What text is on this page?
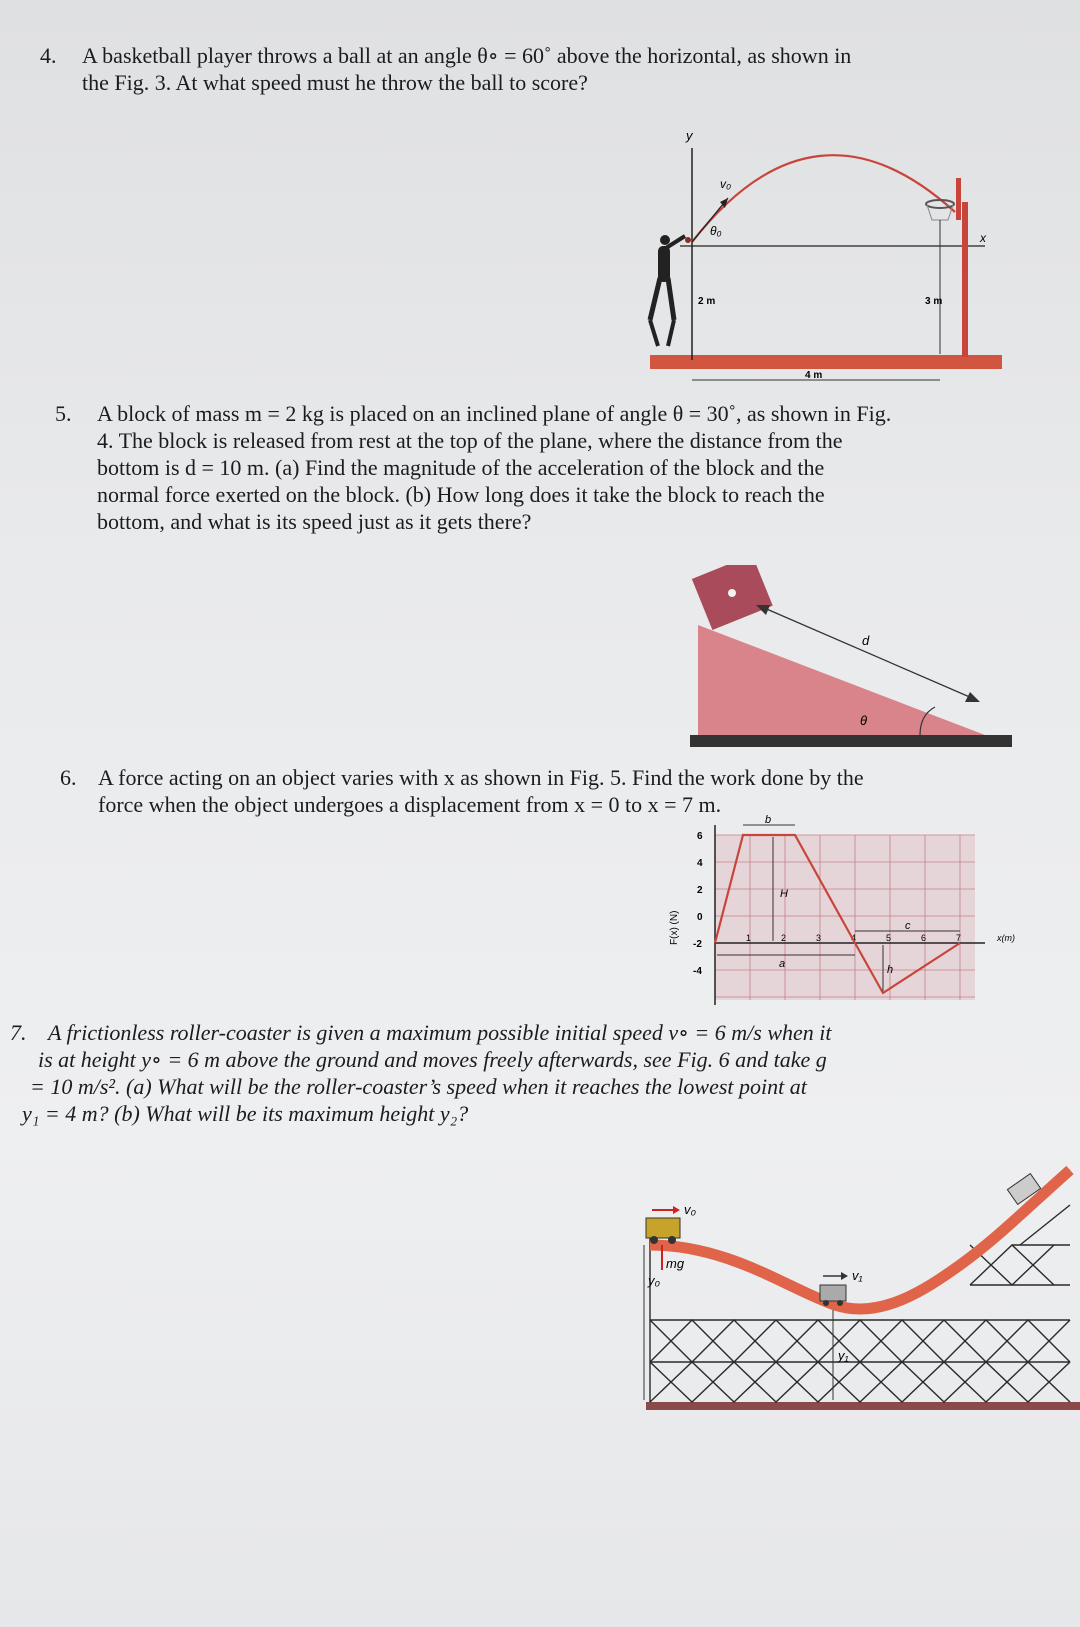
4.	A basketball player throws a ball at an angle θ∘ = 60˚ above the horizontal, as shown in
the Fig. 3. At what speed must he throw the ball to score?
y
x
v₀
θ₀
2 m	3 m
4 m
5.	A block of mass m = 2 kg is placed on an inclined plane of angle θ = 30˚, as shown in Fig.
4. The block is released from rest at the top of the plane, where the distance from the
bottom is d = 10 m. (a) Find the magnitude of the acceleration of the block and the
normal force exerted on the block. (b) How long does it take the block to reach the
bottom, and what is its speed just as it gets there?
d
θ
6. A force acting on an object varies with x as shown in Fig. 5. Find the work done by the
force when the object undergoes a displacement from x = 0 to x = 7 m.
F(x) (N)	x(m)
6
4
2
0
-2
-4
1	2	3	4	5	6	7
b
H
a
c
h
7. A frictionless roller-coaster is given a maximum possible initial speed v∘ = 6 m/s when it
is at height y∘ = 6 m above the ground and moves freely afterwards, see Fig. 6 and take g
= 10 m/s². (a) What will be the roller-coaster’s speed when it reaches the lowest point at
y₁ = 4 m? (b) What will be its maximum height y₂?
v₀
mg
y₀	v₁
y₁
